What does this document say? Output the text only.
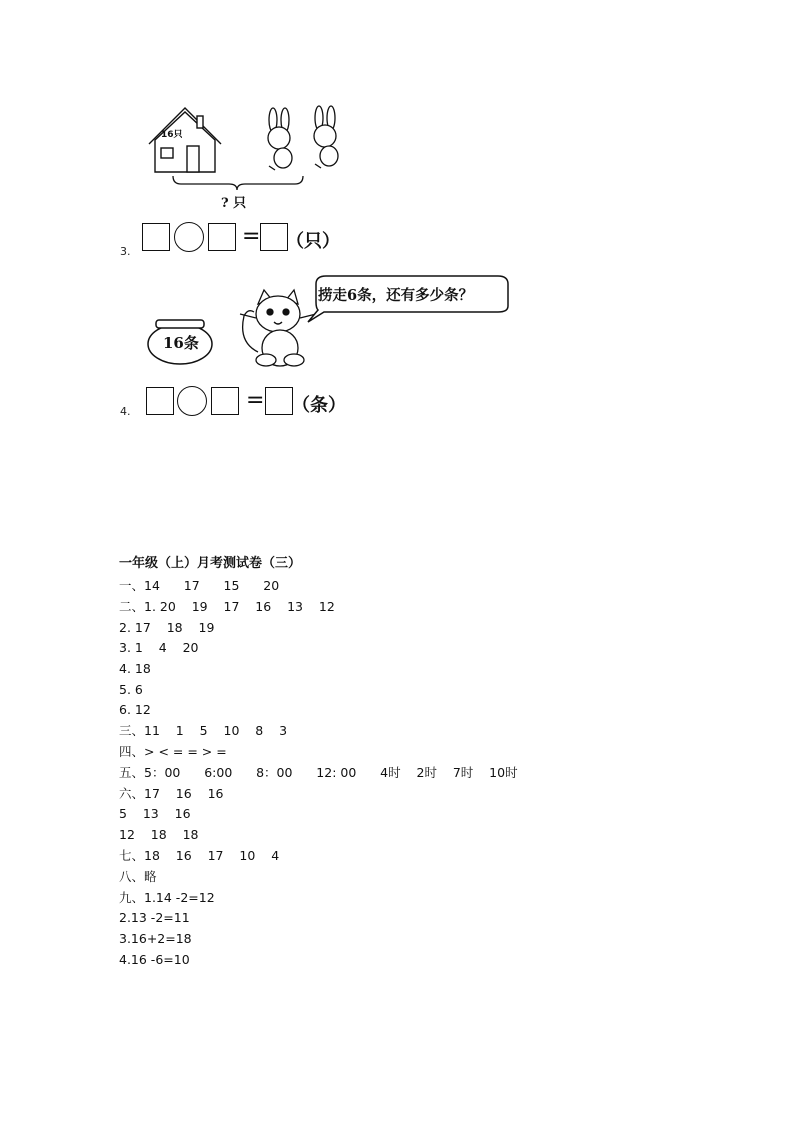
16只
? 只
3.
= （只）
16条
捞走6条，还有多少条？
4.	= （条）
一年级（上）月考测试卷（三）
一、14      17      15      20
二、1. 20    19    17    16    13    12
2. 17    18    19
3. 1    4    20
4. 18
5. 6
6. 12
三、11    1    5    10    8    3
四、> < = = > =
五、5：00      6:00      8：00      12: 00      4时    2时    7时    10时
六、17    16    16
5    13    16
12    18    18
七、18    16    17    10    4
八、略
九、1.14 -2=12
2.13 -2=11
3.16+2=18
4.16 -6=10
